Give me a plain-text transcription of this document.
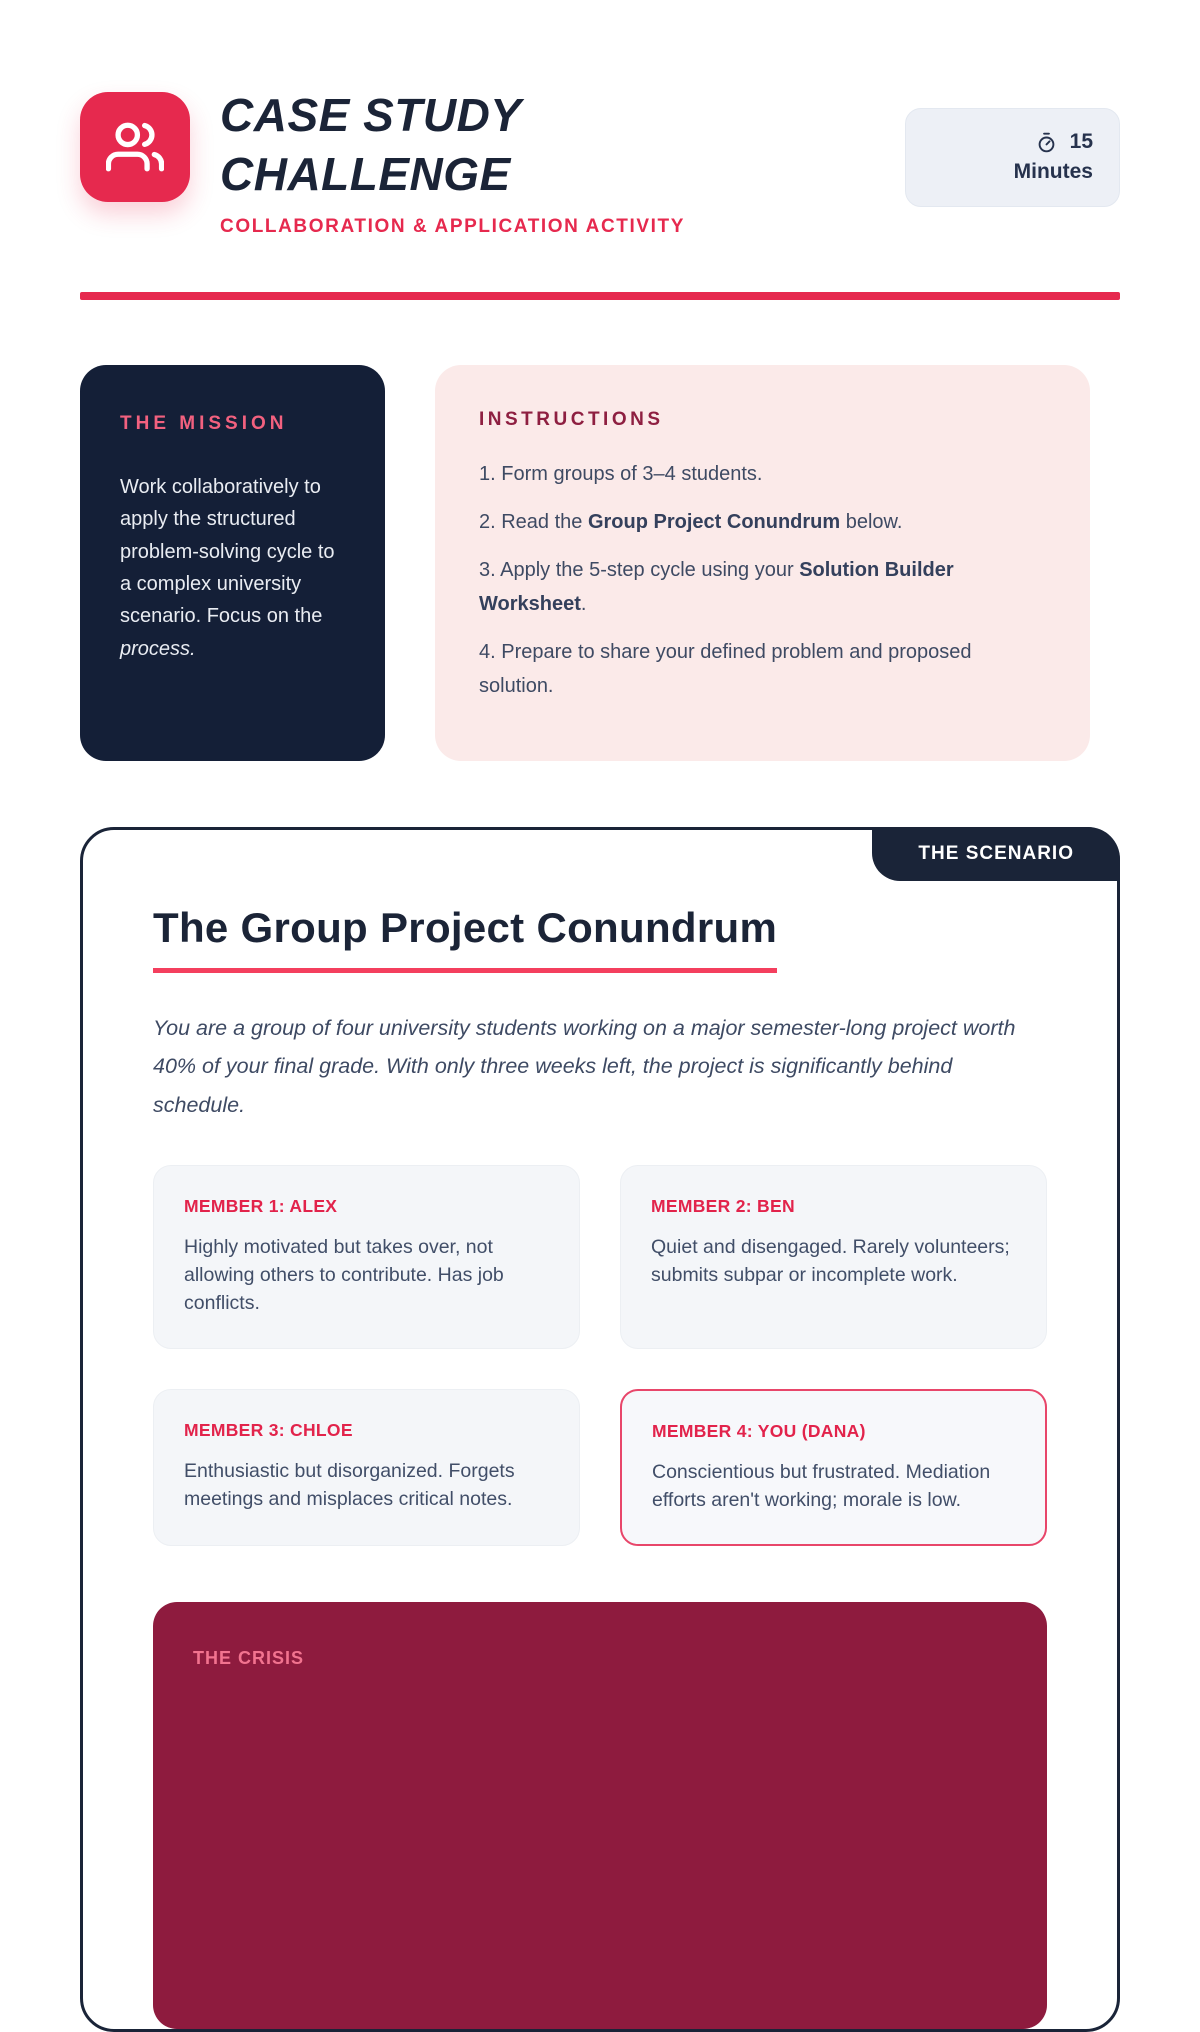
CASE STUDY
CHALLENGE
COLLABORATION & APPLICATION ACTIVITY
15
Minutes
THE MISSION

Work collaboratively to apply the structured problem-solving cycle to a complex university scenario. Focus on the process.

INSTRUCTIONS
1. Form groups of 3–4 students.
2. Read the Group Project Conundrum below.
3. Apply the 5-step cycle using your Solution Builder Worksheet.
4. Prepare to share your defined problem and proposed solution.
THE SCENARIO
The Group Project Conundrum

You are a group of four university students working on a major semester-long project worth 40% of your final grade. With only three weeks left, the project is significantly behind schedule.

MEMBER 1: ALEX

Highly motivated but takes over, not allowing others to contribute. Has job conflicts.

MEMBER 2: BEN

Quiet and disengaged. Rarely volunteers; submits subpar or incomplete work.

MEMBER 3: CHLOE

Enthusiastic but disorganized. Forgets meetings and misplaces critical notes.

MEMBER 4: YOU (DANA)

Conscientious but frustrated. Mediation efforts aren't working; morale is low.

THE CRISIS
